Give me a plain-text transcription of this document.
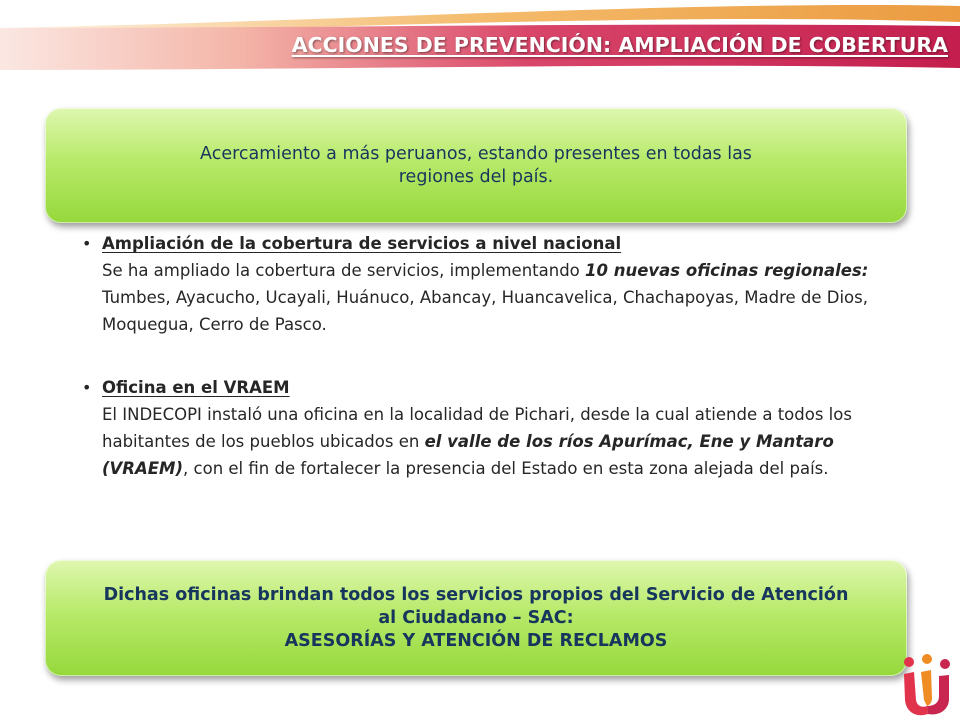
ACCIONES DE PREVENCIÓN: AMPLIACIÓN DE COBERTURA
Acercamiento a más peruanos, estando presentes en todas las
regiones del país.
• Ampliación de la cobertura de servicios a nivel nacional
Se ha ampliado la cobertura de servicios, implementando 10 nuevas oficinas regionales: Tumbes, Ayacucho, Ucayali, Huánuco, Abancay, Huancavelica, Chachapoyas, Madre de Dios, Moquegua, Cerro de Pasco.
• Oficina en el VRAEM
El INDECOPI instaló una oficina en la localidad de Pichari, desde la cual atiende a todos los habitantes de los pueblos ubicados en el valle de los ríos Apurímac, Ene y Mantaro (VRAEM), con el fin de fortalecer la presencia del Estado en esta zona alejada del país.
Dichas oficinas brindan todos los servicios propios del Servicio de Atención
al Ciudadano – SAC:
ASESORÍAS Y ATENCIÓN DE RECLAMOS
